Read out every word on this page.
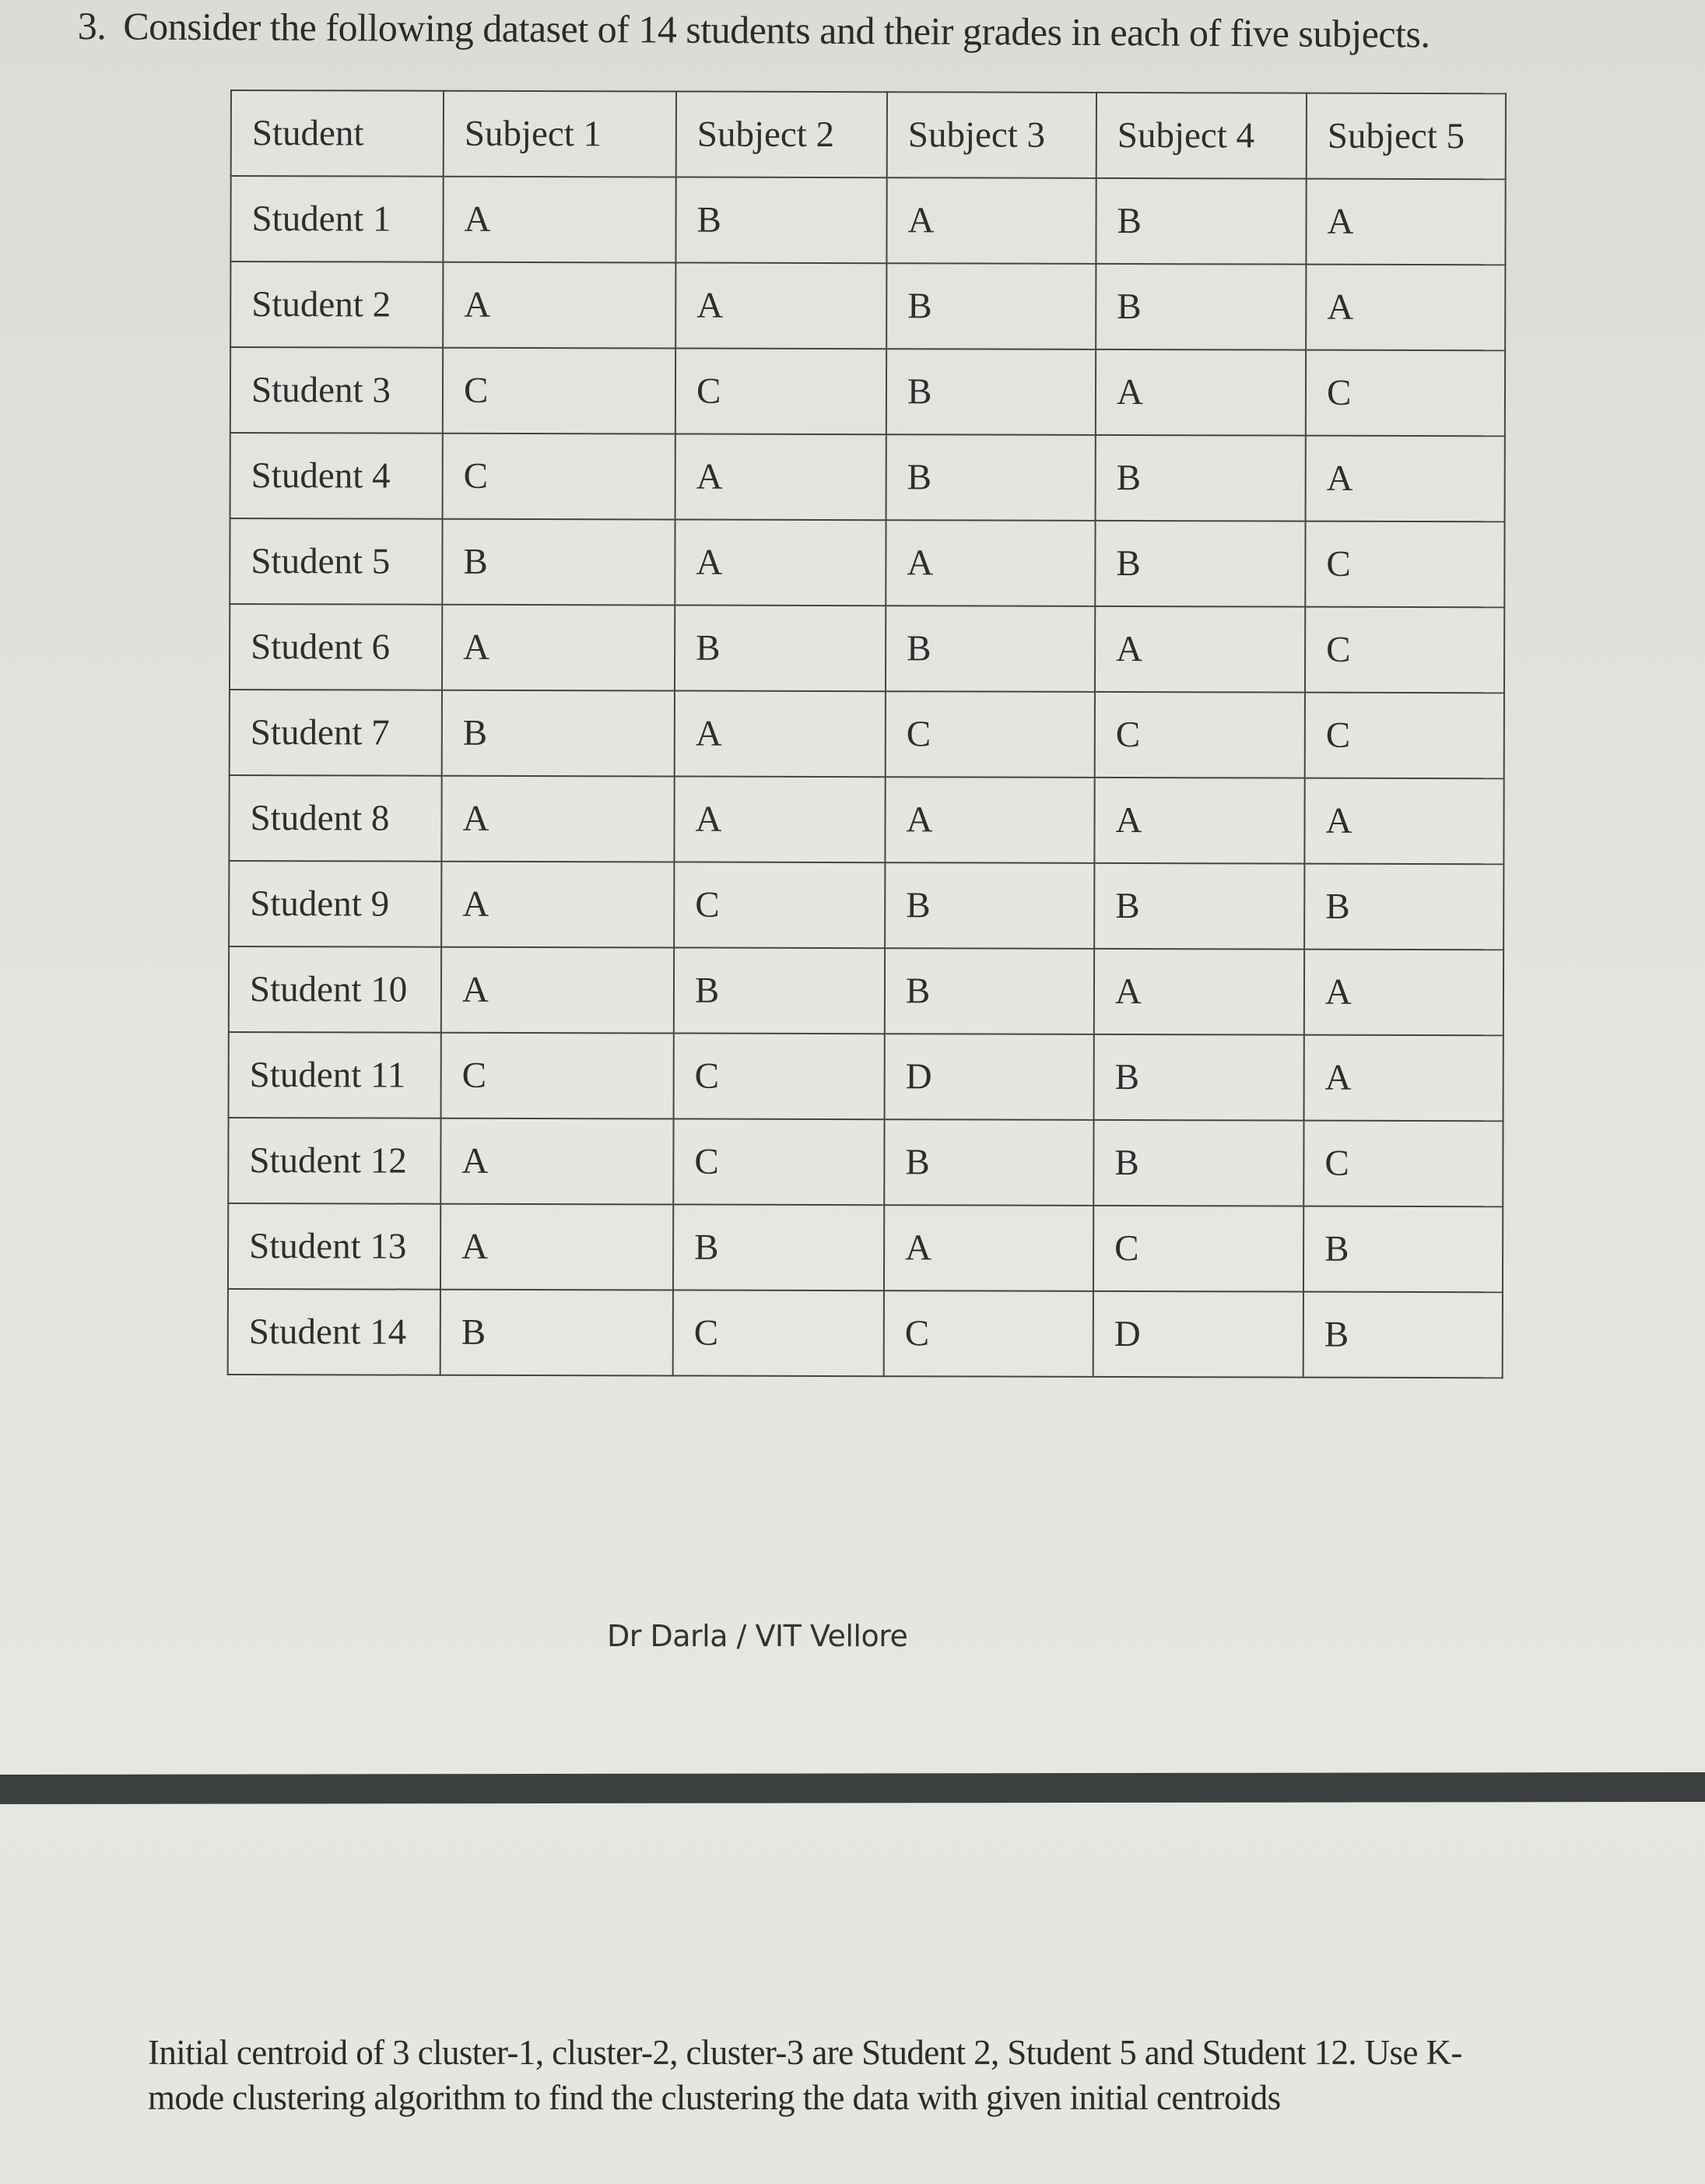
3. Consider the following dataset of 14 students and their grades in each of five subjects.
Student	Subject 1	Subject 2	Subject 3	Subject 4	Subject 5
Student 1	A	B	A	B	A
Student 2	A	A	B	B	A
Student 3	C	C	B	A	C
Student 4	C	A	B	B	A
Student 5	B	A	A	B	C
Student 6	A	B	B	A	C
Student 7	B	A	C	C	C
Student 8	A	A	A	A	A
Student 9	A	C	B	B	B
Student 10	A	B	B	A	A
Student 11	C	C	D	B	A
Student 12	A	C	B	B	C
Student 13	A	B	A	C	B
Student 14	B	C	C	D	B
Dr Darla / VIT Vellore
Initial centroid of 3 cluster-1, cluster-2, cluster-3 are Student 2, Student 5 and Student 12. Use K-mode clustering algorithm to find the clustering the data with given initial centroids
